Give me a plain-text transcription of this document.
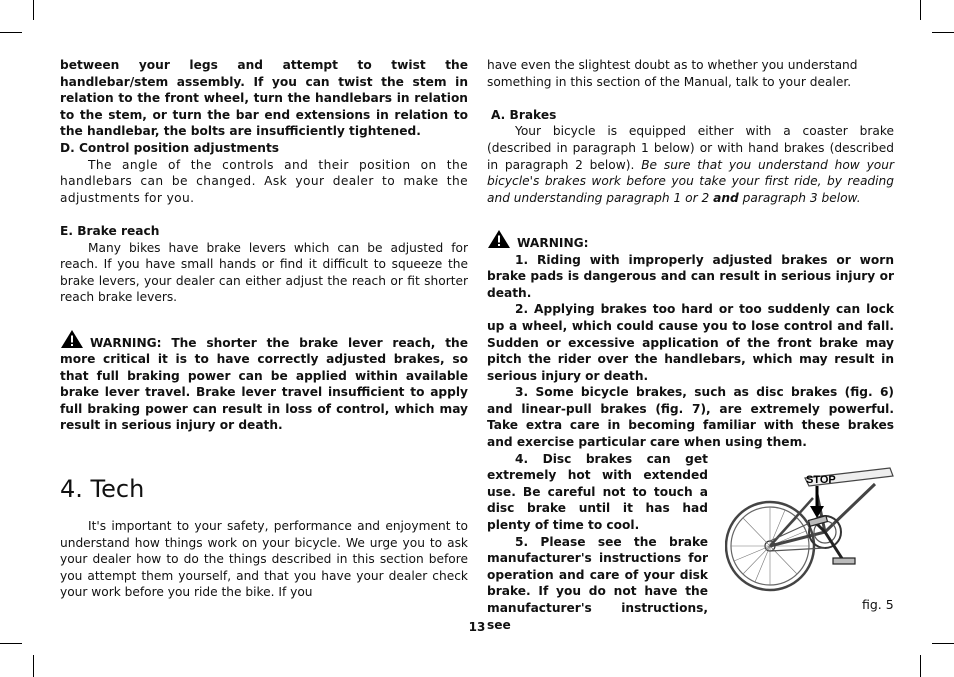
between your legs and attempt to twist the handlebar/stem assembly. If you can twist the stem in relation to the front wheel, turn the handlebars in relation to the stem, or turn the bar end extensions in relation to the handlebar, the bolts are insufficiently tightened.

D. Control position adjustments

The angle of the controls and their position on the handlebars can be changed. Ask your dealer to make the adjustments for you.

E. Brake reach

Many bikes have brake levers which can be adjusted for reach. If you have small hands or find it difficult to squeeze the brake levers, your dealer can either adjust the reach or fit shorter reach brake levers.

WARNING: The shorter the brake lever reach, the more critical it is to have correctly adjusted brakes, so that full braking power can be applied within available brake lever travel. Brake lever travel insufficient to apply full braking power can result in loss of control, which may result in serious injury or death.

4. Tech

It's important to your safety, performance and enjoyment to understand how things work on your bicycle. We urge you to ask your dealer how to do the things described in this section before you attempt them yourself, and that you have your dealer check your work before you ride the bike. If you

have even the slightest doubt as to whether you understand something in this section of the Manual, talk to your dealer.

A. Brakes

Your bicycle is equipped either with a coaster brake (described in paragraph 1 below) or with hand brakes (described in paragraph 2 below). Be sure that you understand how your bicycle's brakes work before you take your first ride, by reading and understanding paragraph 1 or 2 and paragraph 3 below.

WARNING:

1. Riding with improperly adjusted brakes or worn brake pads is dangerous and can result in serious injury or death.

2. Applying brakes too hard or too suddenly can lock up a wheel, which could cause you to lose control and fall. Sudden or excessive application of the front brake may pitch the rider over the handlebars, which may result in serious injury or death.

3. Some bicycle brakes, such as disc brakes (fig. 6) and linear-pull brakes (fig. 7), are extremely powerful. Take extra care in becoming familiar with these brakes and exercise particular care when using them.

4. Disc brakes can get extremely hot with extended use. Be careful not to touch a disc brake until it has had plenty of time to cool.

5. Please see the brake manufacturer's instructions for operation and care of your disk brake. If you do not have the manufacturer's instructions, see

STOP
fig. 5
13
